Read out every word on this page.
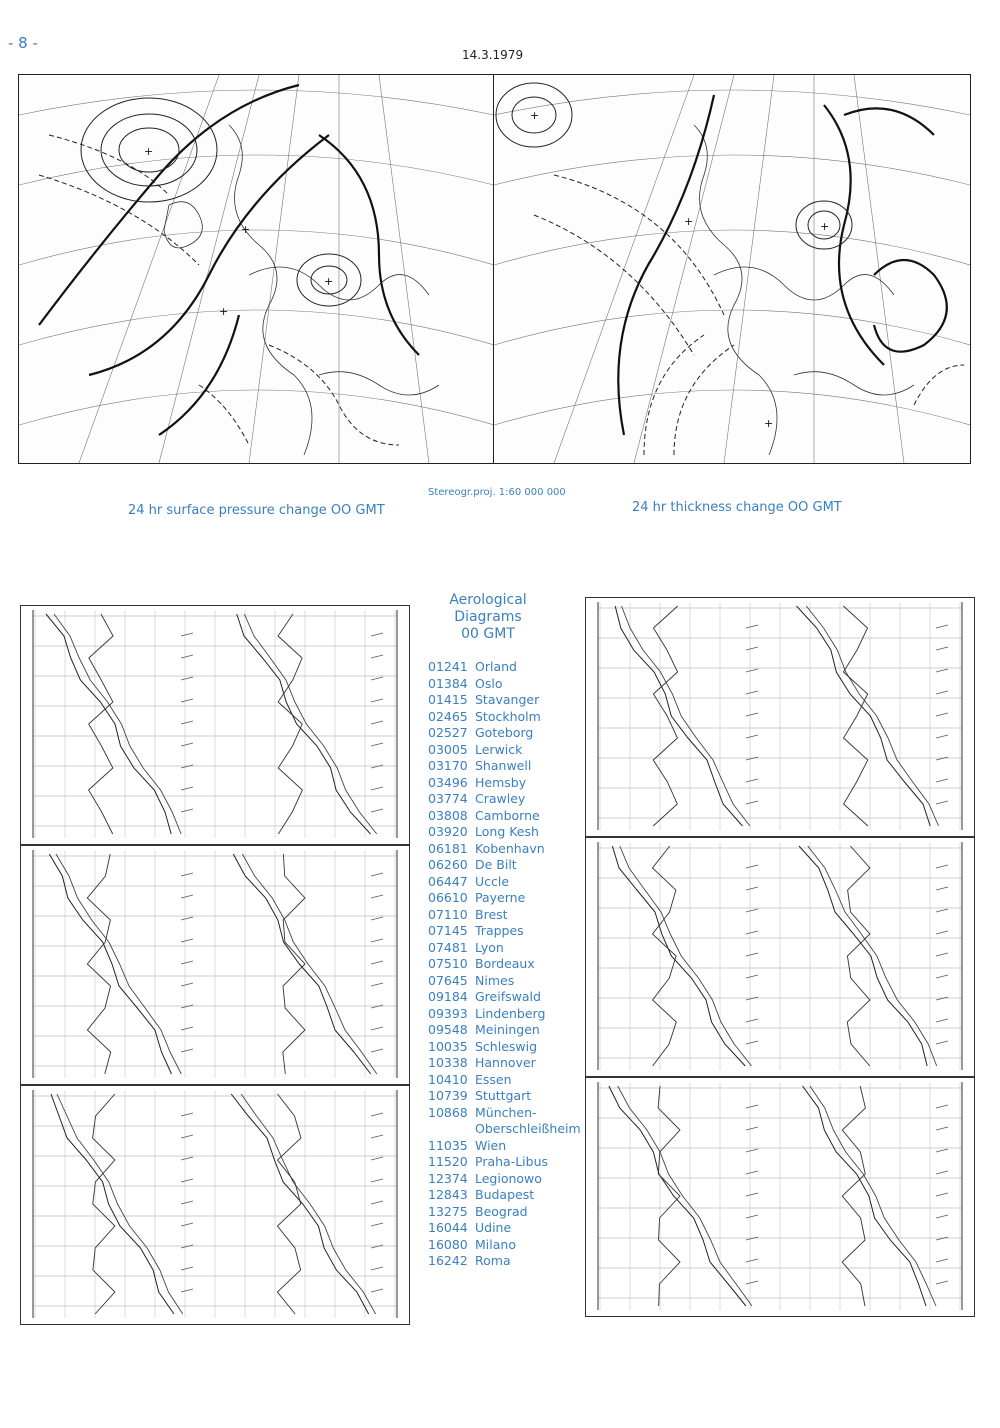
- 8 -
14.3.1979
+
+
+
+
+
+	+
+
Stereogr.proj. 1:60 000 000
24 hr surface pressure change OO GMT	24 hr thickness change OO GMT
Aerological
Diagrams
00 GMT
01241 Orland
01384 Oslo
01415 Stavanger
02465 Stockholm
02527 Goteborg
03005 Lerwick
03170 Shanwell
03496 Hemsby
03774 Crawley
03808 Camborne
03920 Long Kesh
06181 Kobenhavn
06260 De Bilt
06447 Uccle
06610 Payerne
07110 Brest
07145 Trappes
07481 Lyon
07510 Bordeaux
07645 Nimes
09184 Greifswald
09393 Lindenberg
09548 Meiningen
10035 Schleswig
10338 Hannover
10410 Essen
10739 Stuttgart
10868 München-
Oberschleißheim
11035 Wien
11520 Praha-Libus
12374 Legionowo
12843 Budapest
13275 Beograd
16044 Udine
16080 Milano
16242 Roma
